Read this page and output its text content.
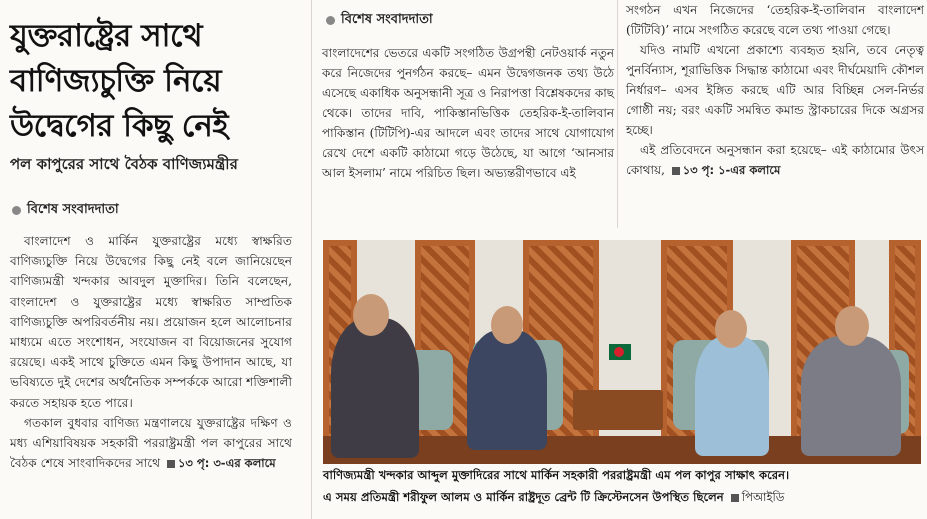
যুক্তরাষ্ট্রের সাথে
বাণিজ্যচুক্তি নিয়ে
উদ্বেগের কিছু নেই
পল কাপুরের সাথে বৈঠক বাণিজ্যমন্ত্রীর
বিশেষ সংবাদদাতা

বাংলাদেশ ও মার্কিন যুক্তরাষ্ট্রের মধ্যে স্বাক্ষরিত বাণিজ্যচুক্তি নিয়ে উদ্বেগের কিছু নেই বলে জানিয়েছেন বাণিজ্যমন্ত্রী খন্দকার আবদুল মুক্তাদির। তিনি বলেছেন, বাংলাদেশ ও যুক্তরাষ্ট্রের মধ্যে স্বাক্ষরিত সাম্প্রতিক বাণিজ্যচুক্তি অপরিবর্তনীয় নয়। প্রয়োজন হলে আলোচনার মাধ্যমে এতে সংশোধন, সংযোজন বা বিয়োজনের সুযোগ রয়েছে। একই সাথে চুক্তিতে এমন কিছু উপাদান আছে, যা ভবিষ্যতে দুই দেশের অর্থনৈতিক সম্পর্ককে আরো শক্তিশালী করতে সহায়ক হতে পারে।

গতকাল বুধবার বাণিজ্য মন্ত্রণালয়ে যুক্তরাষ্ট্রের দক্ষিণ ও মধ্য এশিয়াবিষয়ক সহকারী পররাষ্ট্রমন্ত্রী পল কাপুরের সাথে বৈঠক শেষে সাংবাদিকদের সাথে ১৩ পৃ: ৩-এর কলামে

বিশেষ সংবাদদাতা

বাংলাদেশের ভেতরে একটি সংগঠিত উগ্রপন্থী নেটওয়ার্ক নতুন করে নিজেদের পুনর্গঠন করছে– এমন উদ্বেগজনক তথ্য উঠে এসেছে একাধিক অনুসন্ধানী সূত্র ও নিরাপত্তা বিশ্লেষকদের কাছ থেকে। তাদের দাবি, পাকিস্তানভিত্তিক তেহরিক-ই-তালিবান পাকিস্তান (টিটিপি)-এর আদলে এবং তাদের সাথে যোগাযোগ রেখে দেশে একটি কাঠামো গড়ে উঠেছে, যা আগে ‘আনসার আল ইসলাম’ নামে পরিচিত ছিল। অভ্যন্তরীণভাবে এই

সংগঠন এখন নিজেদের ‘তেহরিক-ই-তালিবান বাংলাদেশ (টিটিবি)’ নামে সংগঠিত করেছে বলে তথ্য পাওয়া গেছে।

যদিও নামটি এখনো প্রকাশ্যে ব্যবহৃত হয়নি, তবে নেতৃত্ব পুনর্বিন্যাস, শূরাভিত্তিক সিদ্ধান্ত কাঠামো এবং দীর্ঘমেয়াদি কৌশল নির্ধারণ– এসব ইঙ্গিত করছে এটি আর বিচ্ছিন্ন সেল-নির্ভর গোষ্ঠী নয়; বরং একটি সমন্বিত কমান্ড স্ট্রাকচারের দিকে অগ্রসর হচ্ছে।

এই প্রতিবেদনে অনুসন্ধান করা হয়েছে– এই কাঠামোর উৎস কোথায়, ১৩ পৃ: ১-এর কলামে

বাণিজ্যমন্ত্রী খন্দকার আব্দুল মুক্তাদিরের সাথে মার্কিন সহকারী পররাষ্ট্রমন্ত্রী এম পল কাপুর সাক্ষাৎ করেন।
এ সময় প্রতিমন্ত্রী শরীফুল আলম ও মার্কিন রাষ্ট্রদূত ব্রেন্ট টি ক্রিস্টেনসেন উপস্থিত ছিলেন পিআইডি
